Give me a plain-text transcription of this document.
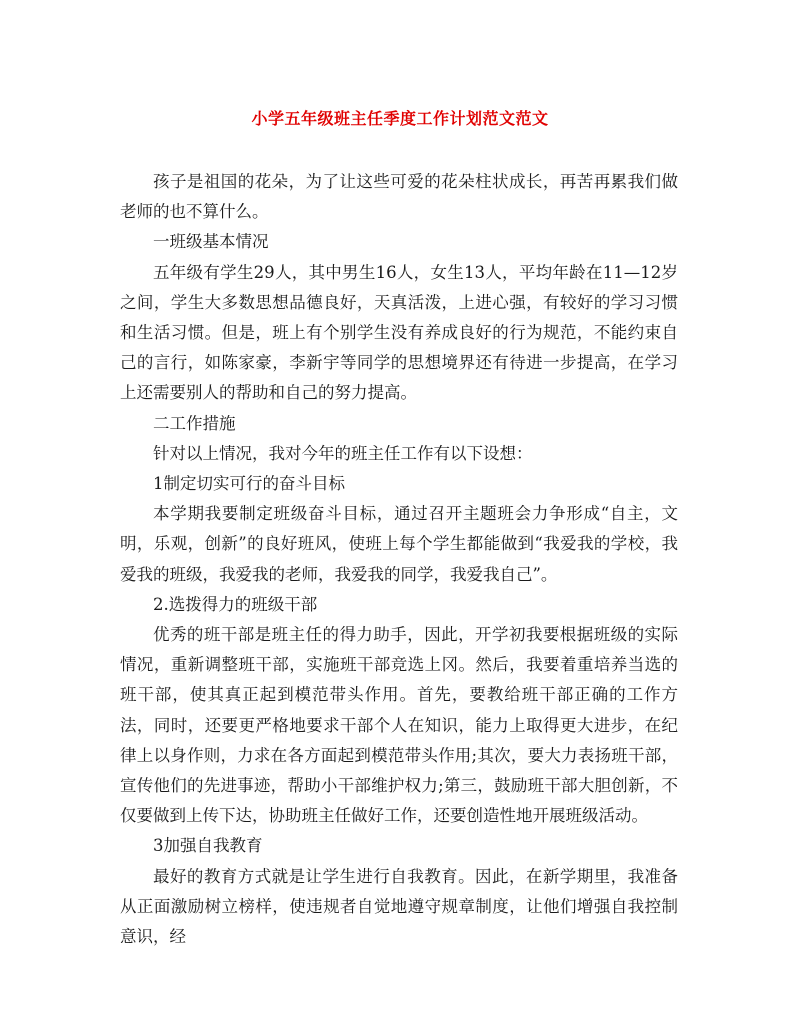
小学五年级班主任季度工作计划范文范文

孩子是祖国的花朵，为了让这些可爱的花朵柱状成长，再苦再累我们做老师的也不算什么。

一班级基本情况

五年级有学生29人，其中男生16人，女生13人，平均年龄在11—12岁之间，学生大多数思想品德良好，天真活泼，上进心强，有较好的学习习惯和生活习惯。但是，班上有个别学生没有养成良好的行为规范，不能约束自己的言行，如陈家豪，李新宇等同学的思想境界还有待进一步提高，在学习上还需要别人的帮助和自己的努力提高。

二工作措施

针对以上情况，我对今年的班主任工作有以下设想：

1制定切实可行的奋斗目标

本学期我要制定班级奋斗目标，通过召开主题班会力争形成“自主，文明，乐观，创新”的良好班风，使班上每个学生都能做到“我爱我的学校，我爱我的班级，我爱我的老师，我爱我的同学，我爱我自己”。

2.选拨得力的班级干部

优秀的班干部是班主任的得力助手，因此，开学初我要根据班级的实际情况，重新调整班干部，实施班干部竞选上冈。然后，我要着重培养当选的班干部，使其真正起到模范带头作用。首先，要教给班干部正确的工作方法，同时，还要更严格地要求干部个人在知识，能力上取得更大进步，在纪律上以身作则，力求在各方面起到模范带头作用;其次，要大力表扬班干部，宣传他们的先进事迹，帮助小干部维护权力;第三，鼓励班干部大胆创新，不仅要做到上传下达，协助班主任做好工作，还要创造性地开展班级活动。

3加强自我教育

最好的教育方式就是让学生进行自我教育。因此，在新学期里，我准备从正面激励树立榜样，使违规者自觉地遵守规章制度，让他们增强自我控制意识，经
